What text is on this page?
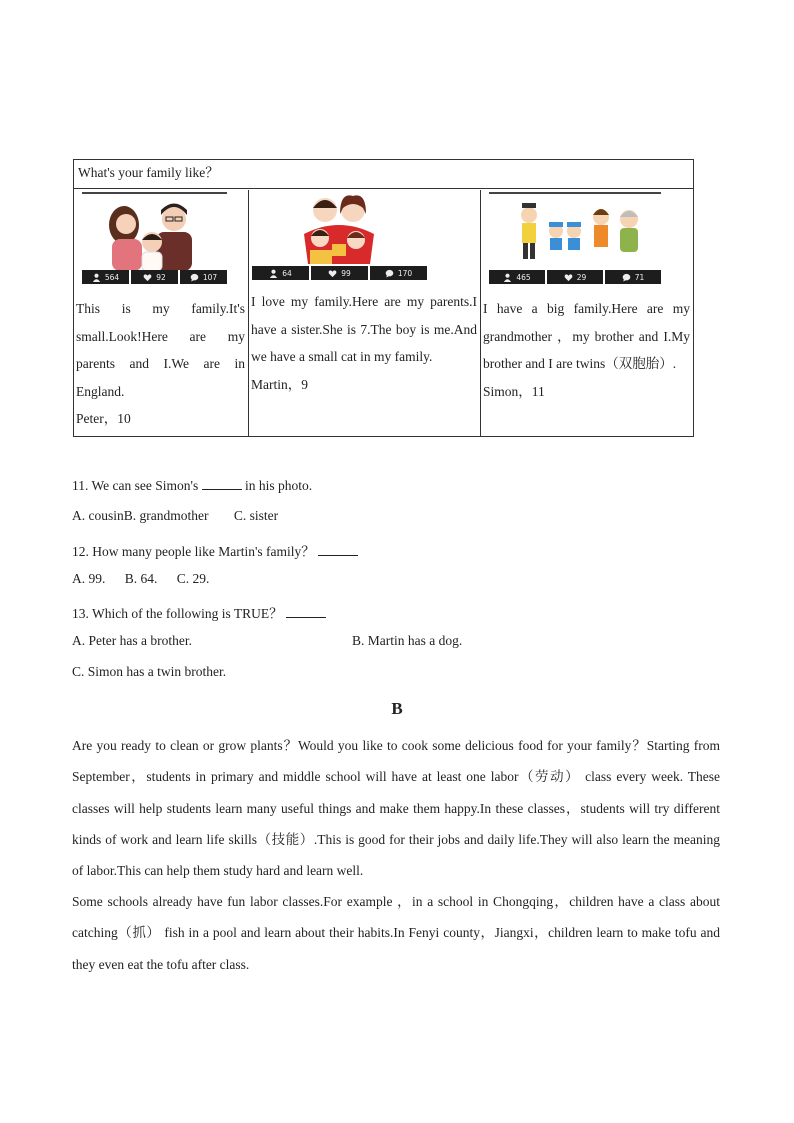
What's your family like？
564	92	107
This is my family.It's small.Look!Here are my parents and I.We are in England.
Peter，10
64	99	170
I love my family.Here are my parents.I have a sister.She is 7.The boy is me.And we have a small cat in my family.
Martin，9
465	29	71
I have a big family.Here are my grandmother ，my brother and I.My brother and I are twins（双胞胎）.
Simon，11
11. We can see Simon's	in his photo.
A. cousinB. grandmother C. sister
12. How many people like Martin's family？
A. 99. B. 64. C. 29.
13. Which of the following is TRUE？
A. Peter has a brother.	B. Martin has a dog.
C. Simon has a twin brother.
B
Are you ready to clean or grow plants？Would you like to cook some delicious food for your family？Starting from September，students in primary and middle school will have at least one labor（劳动） class every week. These classes will help students learn many useful things and make them happy.In these classes，students will try different kinds of work and learn life skills（技能）.This is good for their jobs and daily life.They will also learn the meaning of labor.This can help them study hard and learn well.
Some schools already have fun labor classes.For example ，in a school in Chongqing，children have a class about catching（抓） fish in a pool and learn about their habits.In Fenyi county，Jiangxi，children learn to make tofu and they even eat the tofu after class.
